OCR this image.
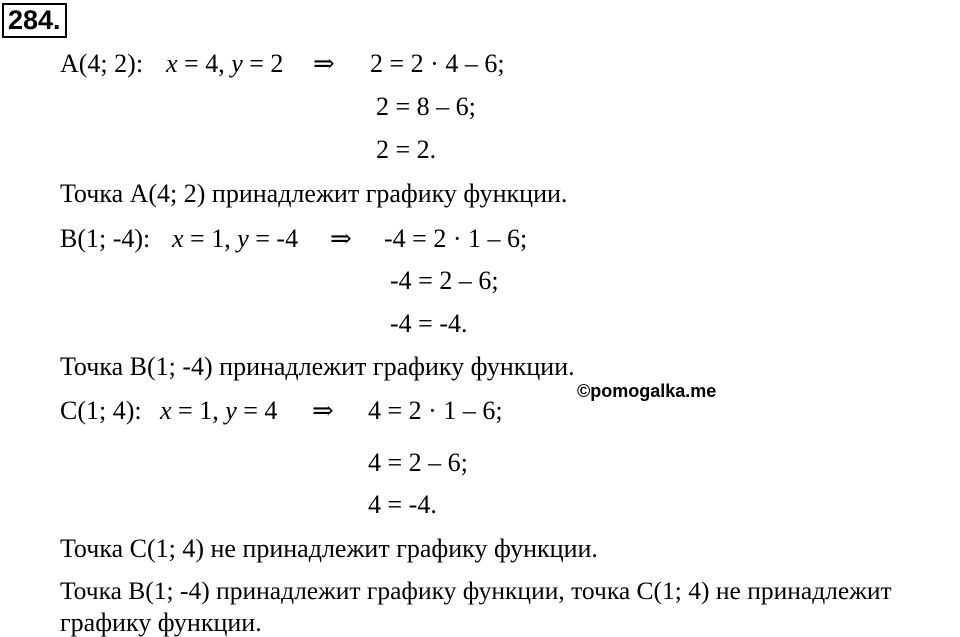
284.
A(4; 2): x = 4, y = 2 ⇒ 2 = 2 · 4 – 6;
2 = 8 – 6;
2 = 2.
Точка A(4; 2) принадлежит графику функции.
B(1; -4): x = 1, y = -4 ⇒ -4 = 2 · 1 – 6;
-4 = 2 – 6;
-4 = -4.
Точка B(1; -4) принадлежит графику функции.
©pomogalka.me
C(1; 4): x = 1, y = 4 ⇒ 4 = 2 · 1 – 6;
4 = 2 – 6;
4 = -4.
Точка C(1; 4) не принадлежит графику функции.
Точка B(1; -4) принадлежит графику функции, точка C(1; 4) не принадлежит
графику функции.
